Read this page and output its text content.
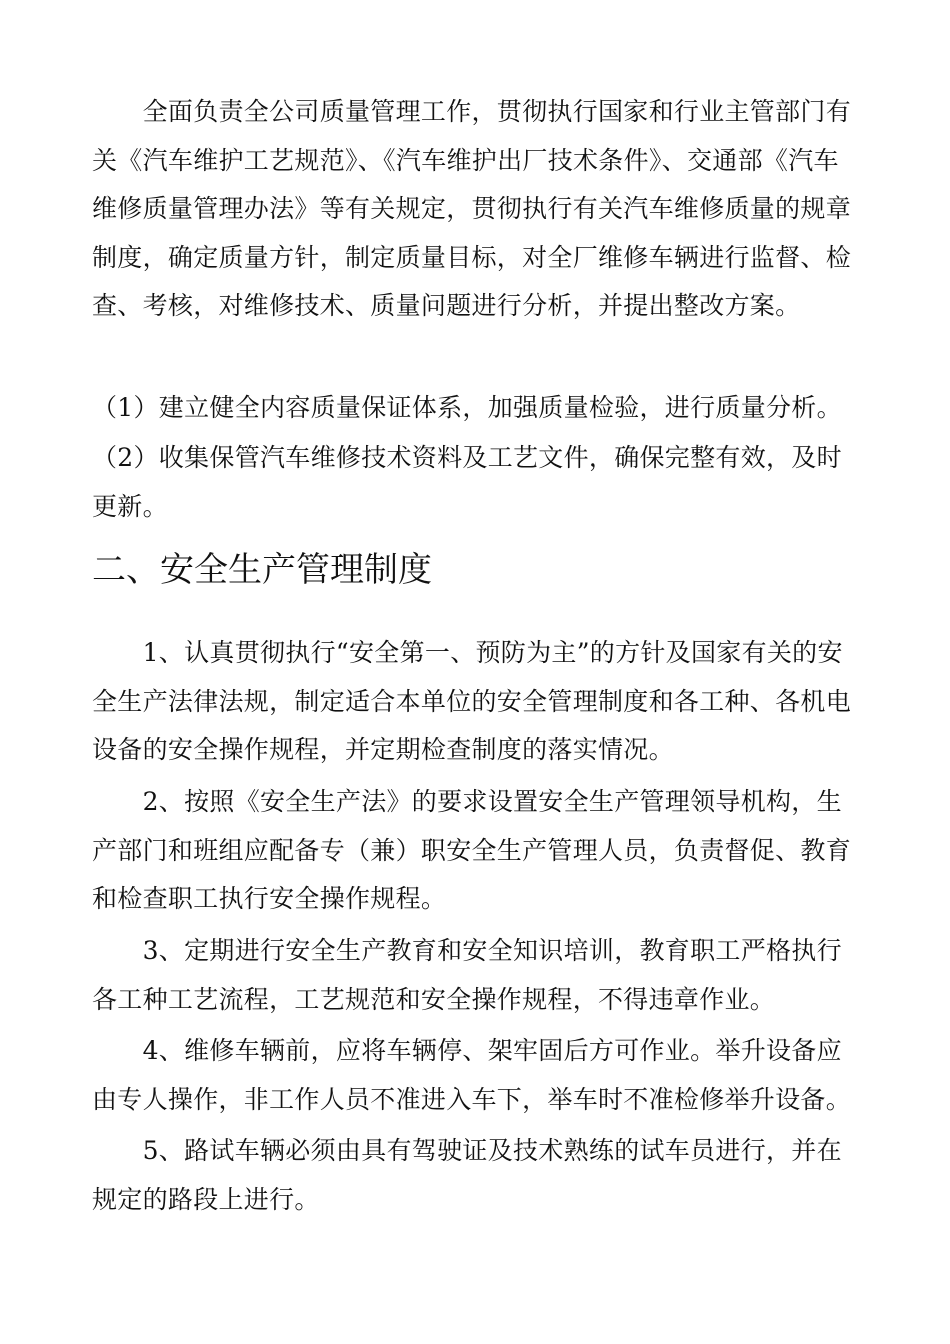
　　全面负责全公司质量管理工作，贯彻执行国家和行业主管部门有关《汽车维护工艺规范》、《汽车维护出厂技术条件》、交通部《汽车维修质量管理办法》等有关规定，贯彻执行有关汽车维修质量的规章制度，确定质量方针，制定质量目标，对全厂维修车辆进行监督、检查、考核，对维修技术、质量问题进行分析，并提出整改方案。

（1）建立健全内容质量保证体系，加强质量检验，进行质量分析。

（2）收集保管汽车维修技术资料及工艺文件，确保完整有效，及时更新。

二、安全生产管理制度

　　1、认真贯彻执行“安全第一、预防为主”的方针及国家有关的安全生产法律法规，制定适合本单位的安全管理制度和各工种、各机电设备的安全操作规程，并定期检查制度的落实情况。

　　2、按照《安全生产法》的要求设置安全生产管理领导机构，生产部门和班组应配备专（兼）职安全生产管理人员，负责督促、教育和检查职工执行安全操作规程。

　　3、定期进行安全生产教育和安全知识培训，教育职工严格执行各工种工艺流程，工艺规范和安全操作规程，不得违章作业。

　　4、维修车辆前，应将车辆停、架牢固后方可作业。举升设备应由专人操作，非工作人员不准进入车下，举车时不准检修举升设备。

　　5、路试车辆必须由具有驾驶证及技术熟练的试车员进行，并在规定的路段上进行。
